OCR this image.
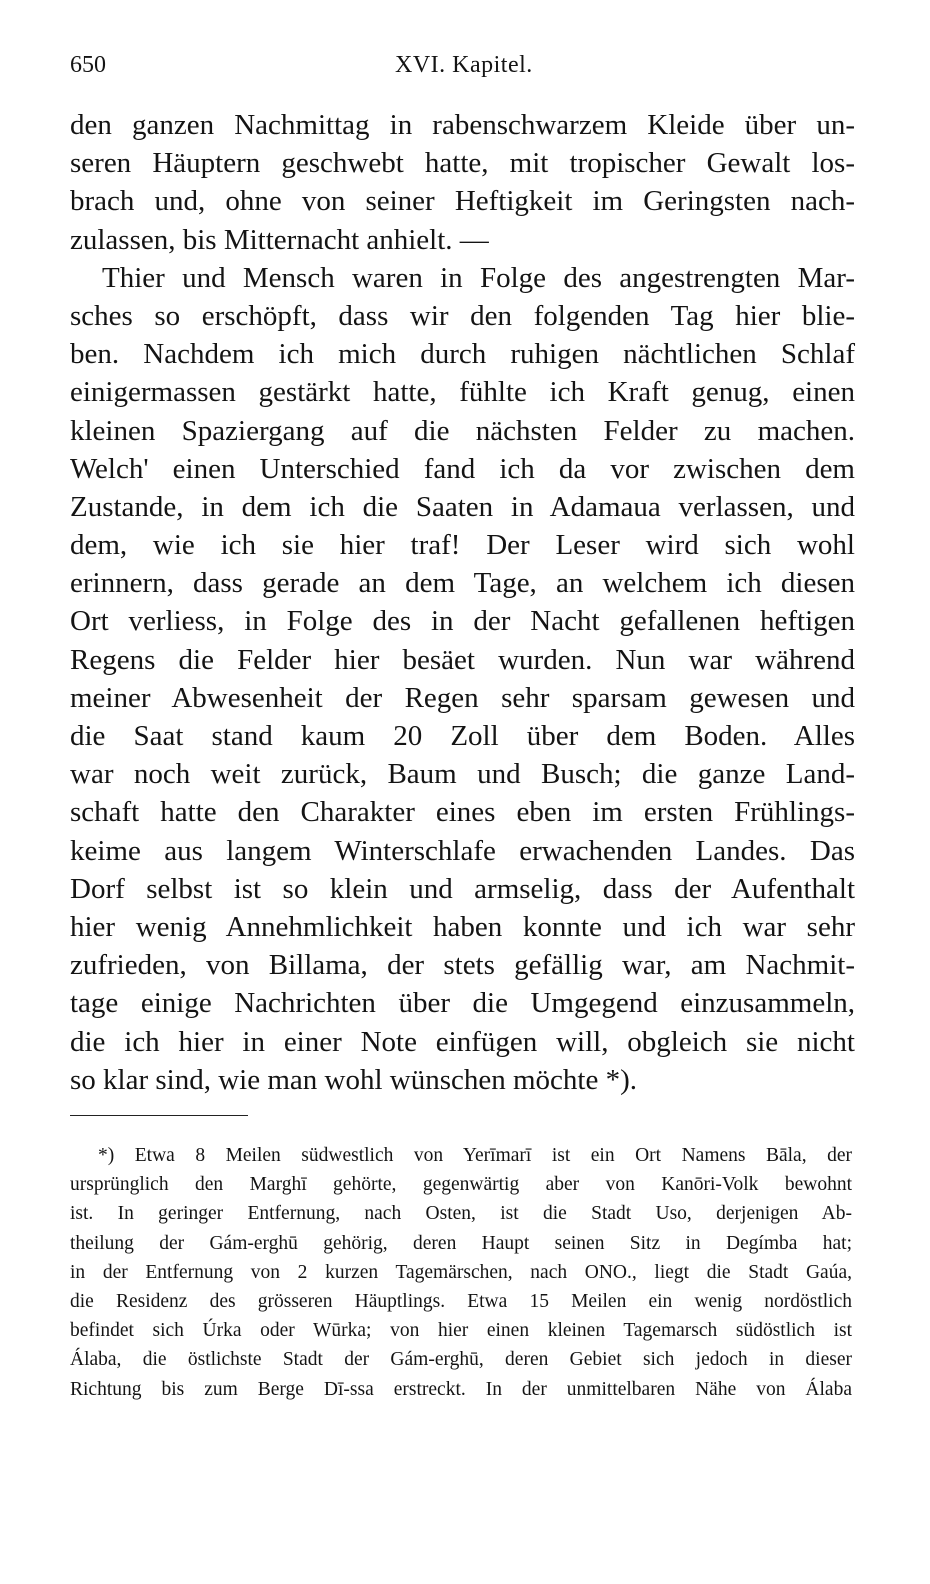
650	XVI. Kapitel.
den ganzen Nachmittag in rabenschwarzem Kleide über un-
seren Häuptern geschwebt hatte, mit tropischer Gewalt los-
brach und, ohne von seiner Heftigkeit im Geringsten nach-
zulassen, bis Mitternacht anhielt. —
Thier und Mensch waren in Folge des angestrengten Mar-
sches so erschöpft, dass wir den folgenden Tag hier blie-
ben. Nachdem ich mich durch ruhigen nächtlichen Schlaf
einigermassen gestärkt hatte, fühlte ich Kraft genug, einen
kleinen Spaziergang auf die nächsten Felder zu machen.
Welch' einen Unterschied fand ich da vor zwischen dem
Zustande, in dem ich die Saaten in Adamaua verlassen, und
dem, wie ich sie hier traf! Der Leser wird sich wohl
erinnern, dass gerade an dem Tage, an welchem ich diesen
Ort verliess, in Folge des in der Nacht gefallenen heftigen
Regens die Felder hier besäet wurden. Nun war während
meiner Abwesenheit der Regen sehr sparsam gewesen und
die Saat stand kaum 20 Zoll über dem Boden. Alles
war noch weit zurück, Baum und Busch; die ganze Land-
schaft hatte den Charakter eines eben im ersten Frühlings-
keime aus langem Winterschlafe erwachenden Landes. Das
Dorf selbst ist so klein und armselig, dass der Aufenthalt
hier wenig Annehmlichkeit haben konnte und ich war sehr
zufrieden, von Billama, der stets gefällig war, am Nachmit-
tage einige Nachrichten über die Umgegend einzusammeln,
die ich hier in einer Note einfügen will, obgleich sie nicht
so klar sind, wie man wohl wünschen möchte *).
*) Etwa 8 Meilen südwestlich von Yerīmarī ist ein Ort Namens Bāla, der
ursprünglich den Marghī gehörte, gegenwärtig aber von Kanōri-Volk bewohnt
ist. In geringer Entfernung, nach Osten, ist die Stadt Uso, derjenigen Ab-
theilung der Gám-erghū gehörig, deren Haupt seinen Sitz in Degímba hat;
in der Entfernung von 2 kurzen Tagemärschen, nach ONO., liegt die Stadt Gaúa,
die Residenz des grösseren Häuptlings. Etwa 15 Meilen ein wenig nordöstlich
befindet sich Úrka oder Wūrka; von hier einen kleinen Tagemarsch südöstlich ist
Álaba, die östlichste Stadt der Gám-erghū, deren Gebiet sich jedoch in dieser
Richtung bis zum Berge Dī-ssa erstreckt. In der unmittelbaren Nähe von Álaba
